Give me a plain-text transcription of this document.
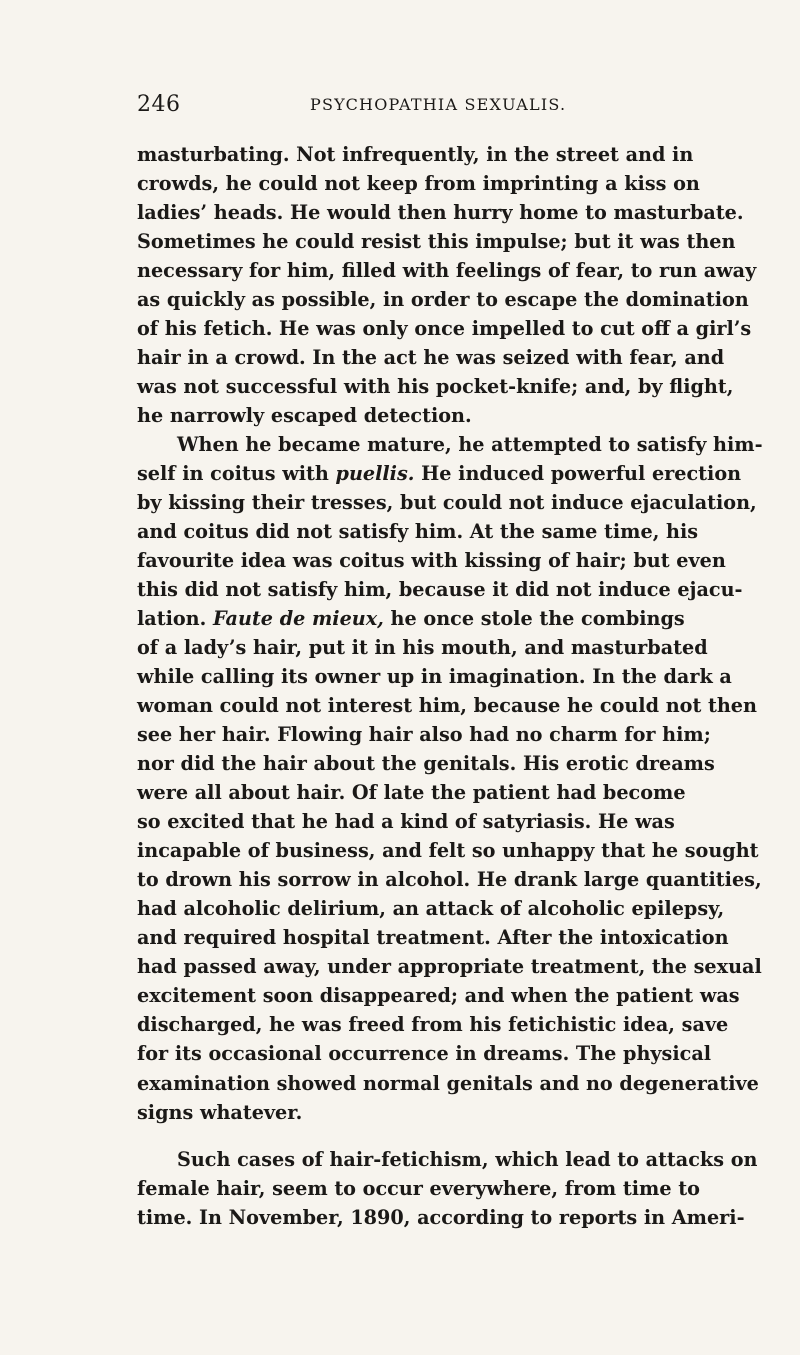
246	PSYCHOPATHIA SEXUALIS.
masturbating. Not infrequently, in the street and in
crowds, he could not keep from imprinting a kiss on
ladies’ heads. He would then hurry home to masturbate.
Sometimes he could resist this impulse; but it was then
necessary for him, filled with feelings of fear, to run away
as quickly as possible, in order to escape the domination
of his fetich. He was only once impelled to cut off a girl’s
hair in a crowd. In the act he was seized with fear, and
was not successful with his pocket-knife; and, by flight,
he narrowly escaped detection.
When he became mature, he attempted to satisfy him-
self in coitus with puellis. He induced powerful erection
by kissing their tresses, but could not induce ejaculation,
and coitus did not satisfy him. At the same time, his
favourite idea was coitus with kissing of hair; but even
this did not satisfy him, because it did not induce ejacu-
lation. Faute de mieux, he once stole the combings
of a lady’s hair, put it in his mouth, and masturbated
while calling its owner up in imagination. In the dark a
woman could not interest him, because he could not then
see her hair. Flowing hair also had no charm for him;
nor did the hair about the genitals. His erotic dreams
were all about hair. Of late the patient had become
so excited that he had a kind of satyriasis. He was
incapable of business, and felt so unhappy that he sought
to drown his sorrow in alcohol. He drank large quantities,
had alcoholic delirium, an attack of alcoholic epilepsy,
and required hospital treatment. After the intoxication
had passed away, under appropriate treatment, the sexual
excitement soon disappeared; and when the patient was
discharged, he was freed from his fetichistic idea, save
for its occasional occurrence in dreams. The physical
examination showed normal genitals and no degenerative
signs whatever.
Such cases of hair-fetichism, which lead to attacks on
female hair, seem to occur everywhere, from time to
time. In November, 1890, according to reports in Ameri-
